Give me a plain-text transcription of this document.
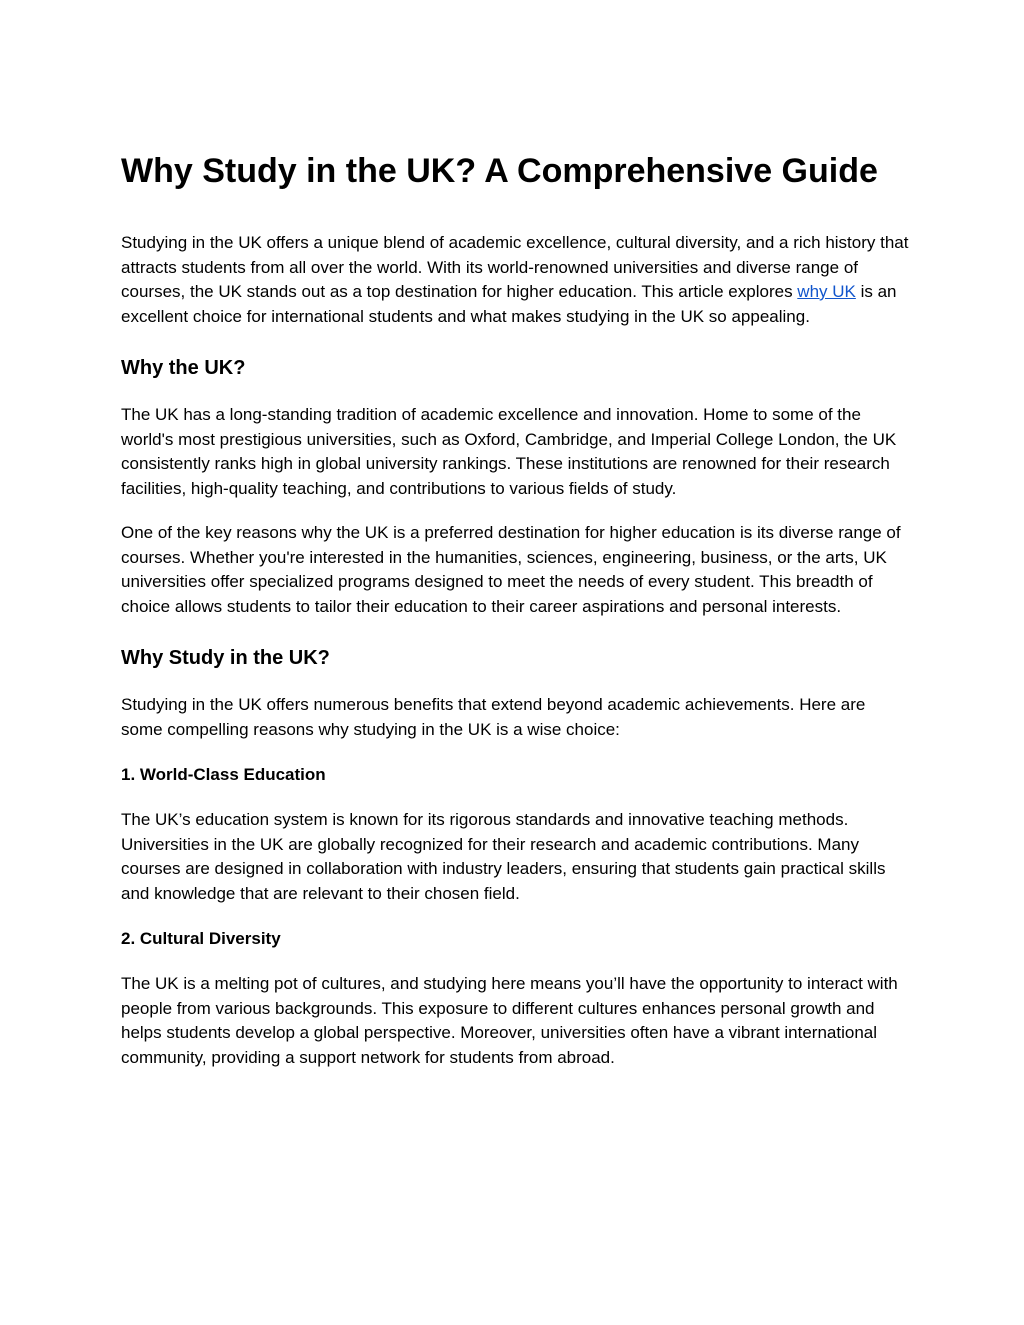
Why Study in the UK? A Comprehensive Guide

Studying in the UK offers a unique blend of academic excellence, cultural diversity, and a rich history that attracts students from all over the world. With its world-renowned universities and diverse range of courses, the UK stands out as a top destination for higher education. This article explores why UK is an excellent choice for international students and what makes studying in the UK so appealing.

Why the UK?

The UK has a long-standing tradition of academic excellence and innovation. Home to some of the world's most prestigious universities, such as Oxford, Cambridge, and Imperial College London, the UK consistently ranks high in global university rankings. These institutions are renowned for their research facilities, high-quality teaching, and contributions to various fields of study.

One of the key reasons why the UK is a preferred destination for higher education is its diverse range of courses. Whether you're interested in the humanities, sciences, engineering, business, or the arts, UK universities offer specialized programs designed to meet the needs of every student. This breadth of choice allows students to tailor their education to their career aspirations and personal interests.

Why Study in the UK?

Studying in the UK offers numerous benefits that extend beyond academic achievements. Here are some compelling reasons why studying in the UK is a wise choice:

1. World-Class Education

The UK’s education system is known for its rigorous standards and innovative teaching methods. Universities in the UK are globally recognized for their research and academic contributions. Many courses are designed in collaboration with industry leaders, ensuring that students gain practical skills and knowledge that are relevant to their chosen field.

2. Cultural Diversity

The UK is a melting pot of cultures, and studying here means you’ll have the opportunity to interact with people from various backgrounds. This exposure to different cultures enhances personal growth and helps students develop a global perspective. Moreover, universities often have a vibrant international community, providing a support network for students from abroad.
